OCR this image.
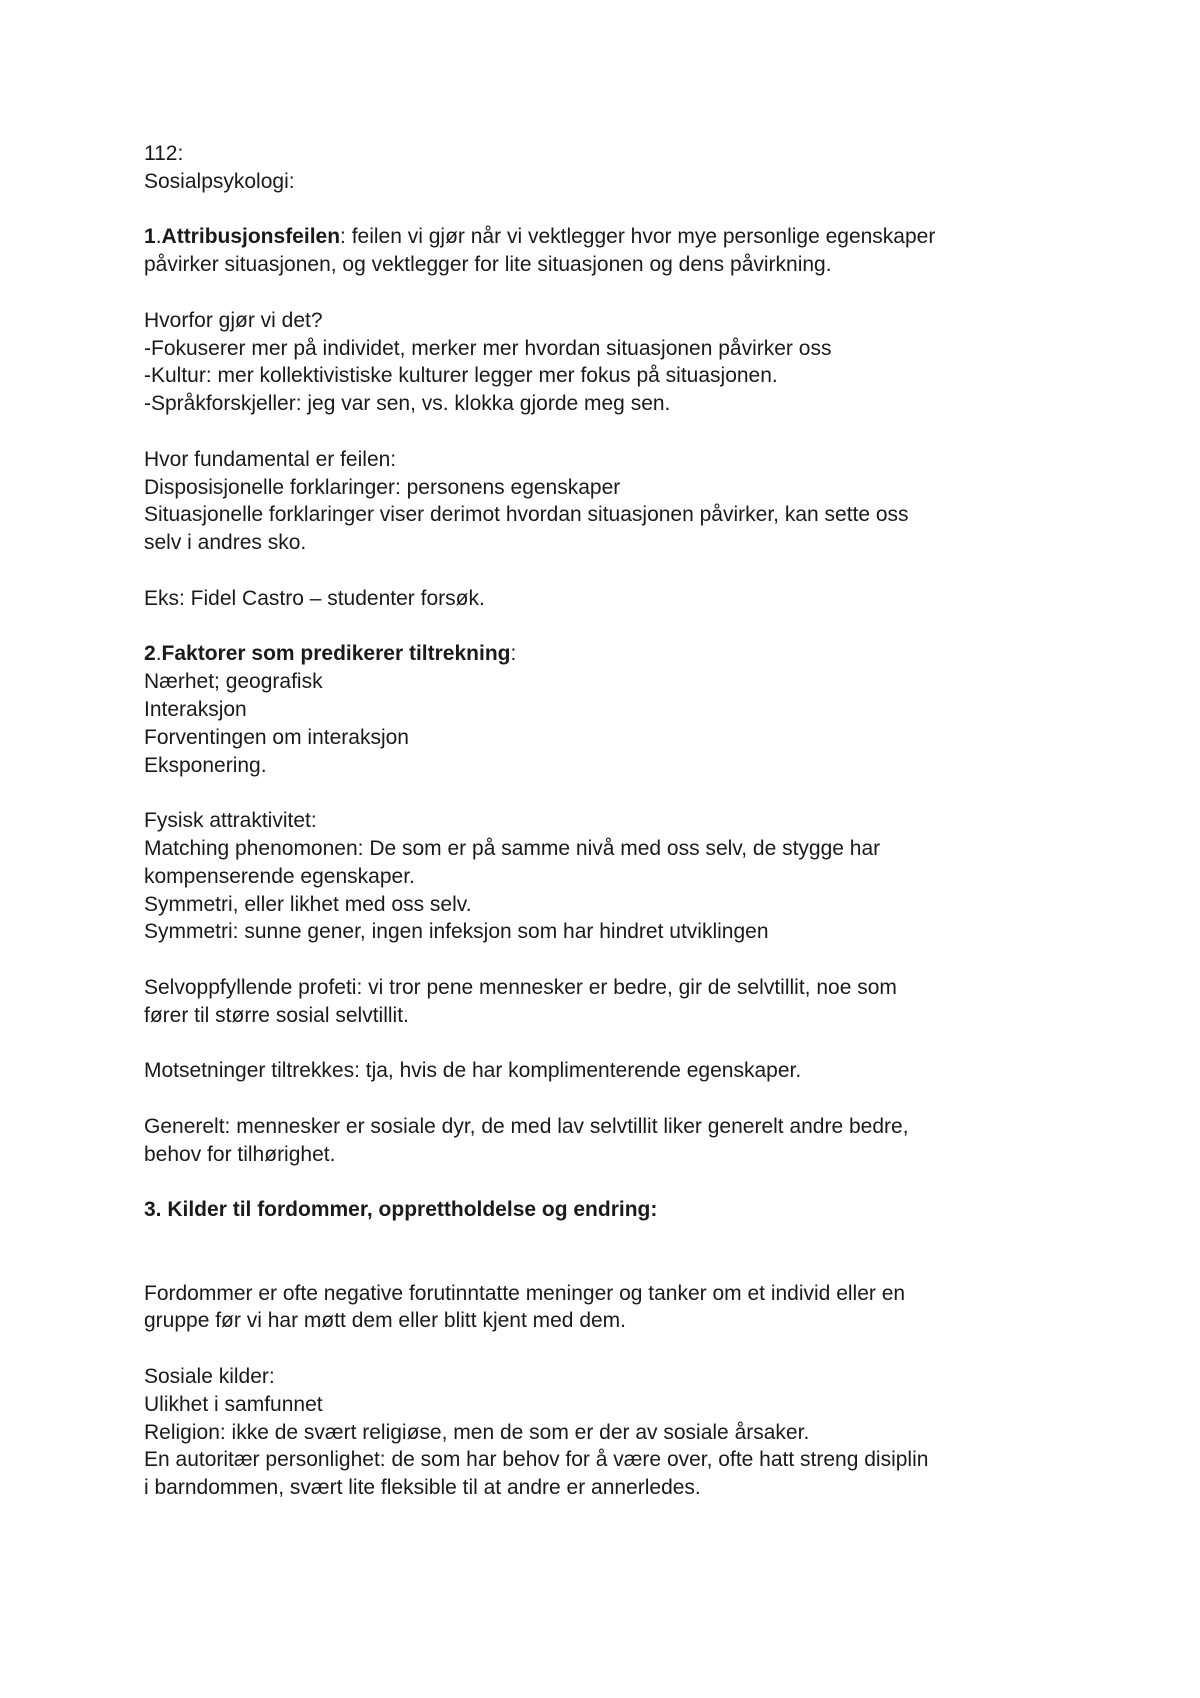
112:
Sosialpsykologi:
1.Attribusjonsfeilen: feilen vi gjør når vi vektlegger hvor mye personlige egenskaper
påvirker situasjonen, og vektlegger for lite situasjonen og dens påvirkning.
Hvorfor gjør vi det?
-Fokuserer mer på individet, merker mer hvordan situasjonen påvirker oss
-Kultur: mer kollektivistiske kulturer legger mer fokus på situasjonen.
-Språkforskjeller: jeg var sen, vs. klokka gjorde meg sen.
Hvor fundamental er feilen:
Disposisjonelle forklaringer: personens egenskaper
Situasjonelle forklaringer viser derimot hvordan situasjonen påvirker, kan sette oss
selv i andres sko.
Eks: Fidel Castro – studenter forsøk.
2.Faktorer som predikerer tiltrekning:
Nærhet; geografisk
Interaksjon
Forventingen om interaksjon
Eksponering.
Fysisk attraktivitet:
Matching phenomonen: De som er på samme nivå med oss selv, de stygge har
kompenserende egenskaper.
Symmetri, eller likhet med oss selv.
Symmetri: sunne gener, ingen infeksjon som har hindret utviklingen
Selvoppfyllende profeti: vi tror pene mennesker er bedre, gir de selvtillit, noe som
fører til større sosial selvtillit.
Motsetninger tiltrekkes: tja, hvis de har komplimenterende egenskaper.
Generelt: mennesker er sosiale dyr, de med lav selvtillit liker generelt andre bedre,
behov for tilhørighet.
3. Kilder til fordommer, opprettholdelse og endring:
Fordommer er ofte negative forutinntatte meninger og tanker om et individ eller en
gruppe før vi har møtt dem eller blitt kjent med dem.
Sosiale kilder:
Ulikhet i samfunnet
Religion: ikke de svært religiøse, men de som er der av sosiale årsaker.
En autoritær personlighet: de som har behov for å være over, ofte hatt streng disiplin
i barndommen, svært lite fleksible til at andre er annerledes.
